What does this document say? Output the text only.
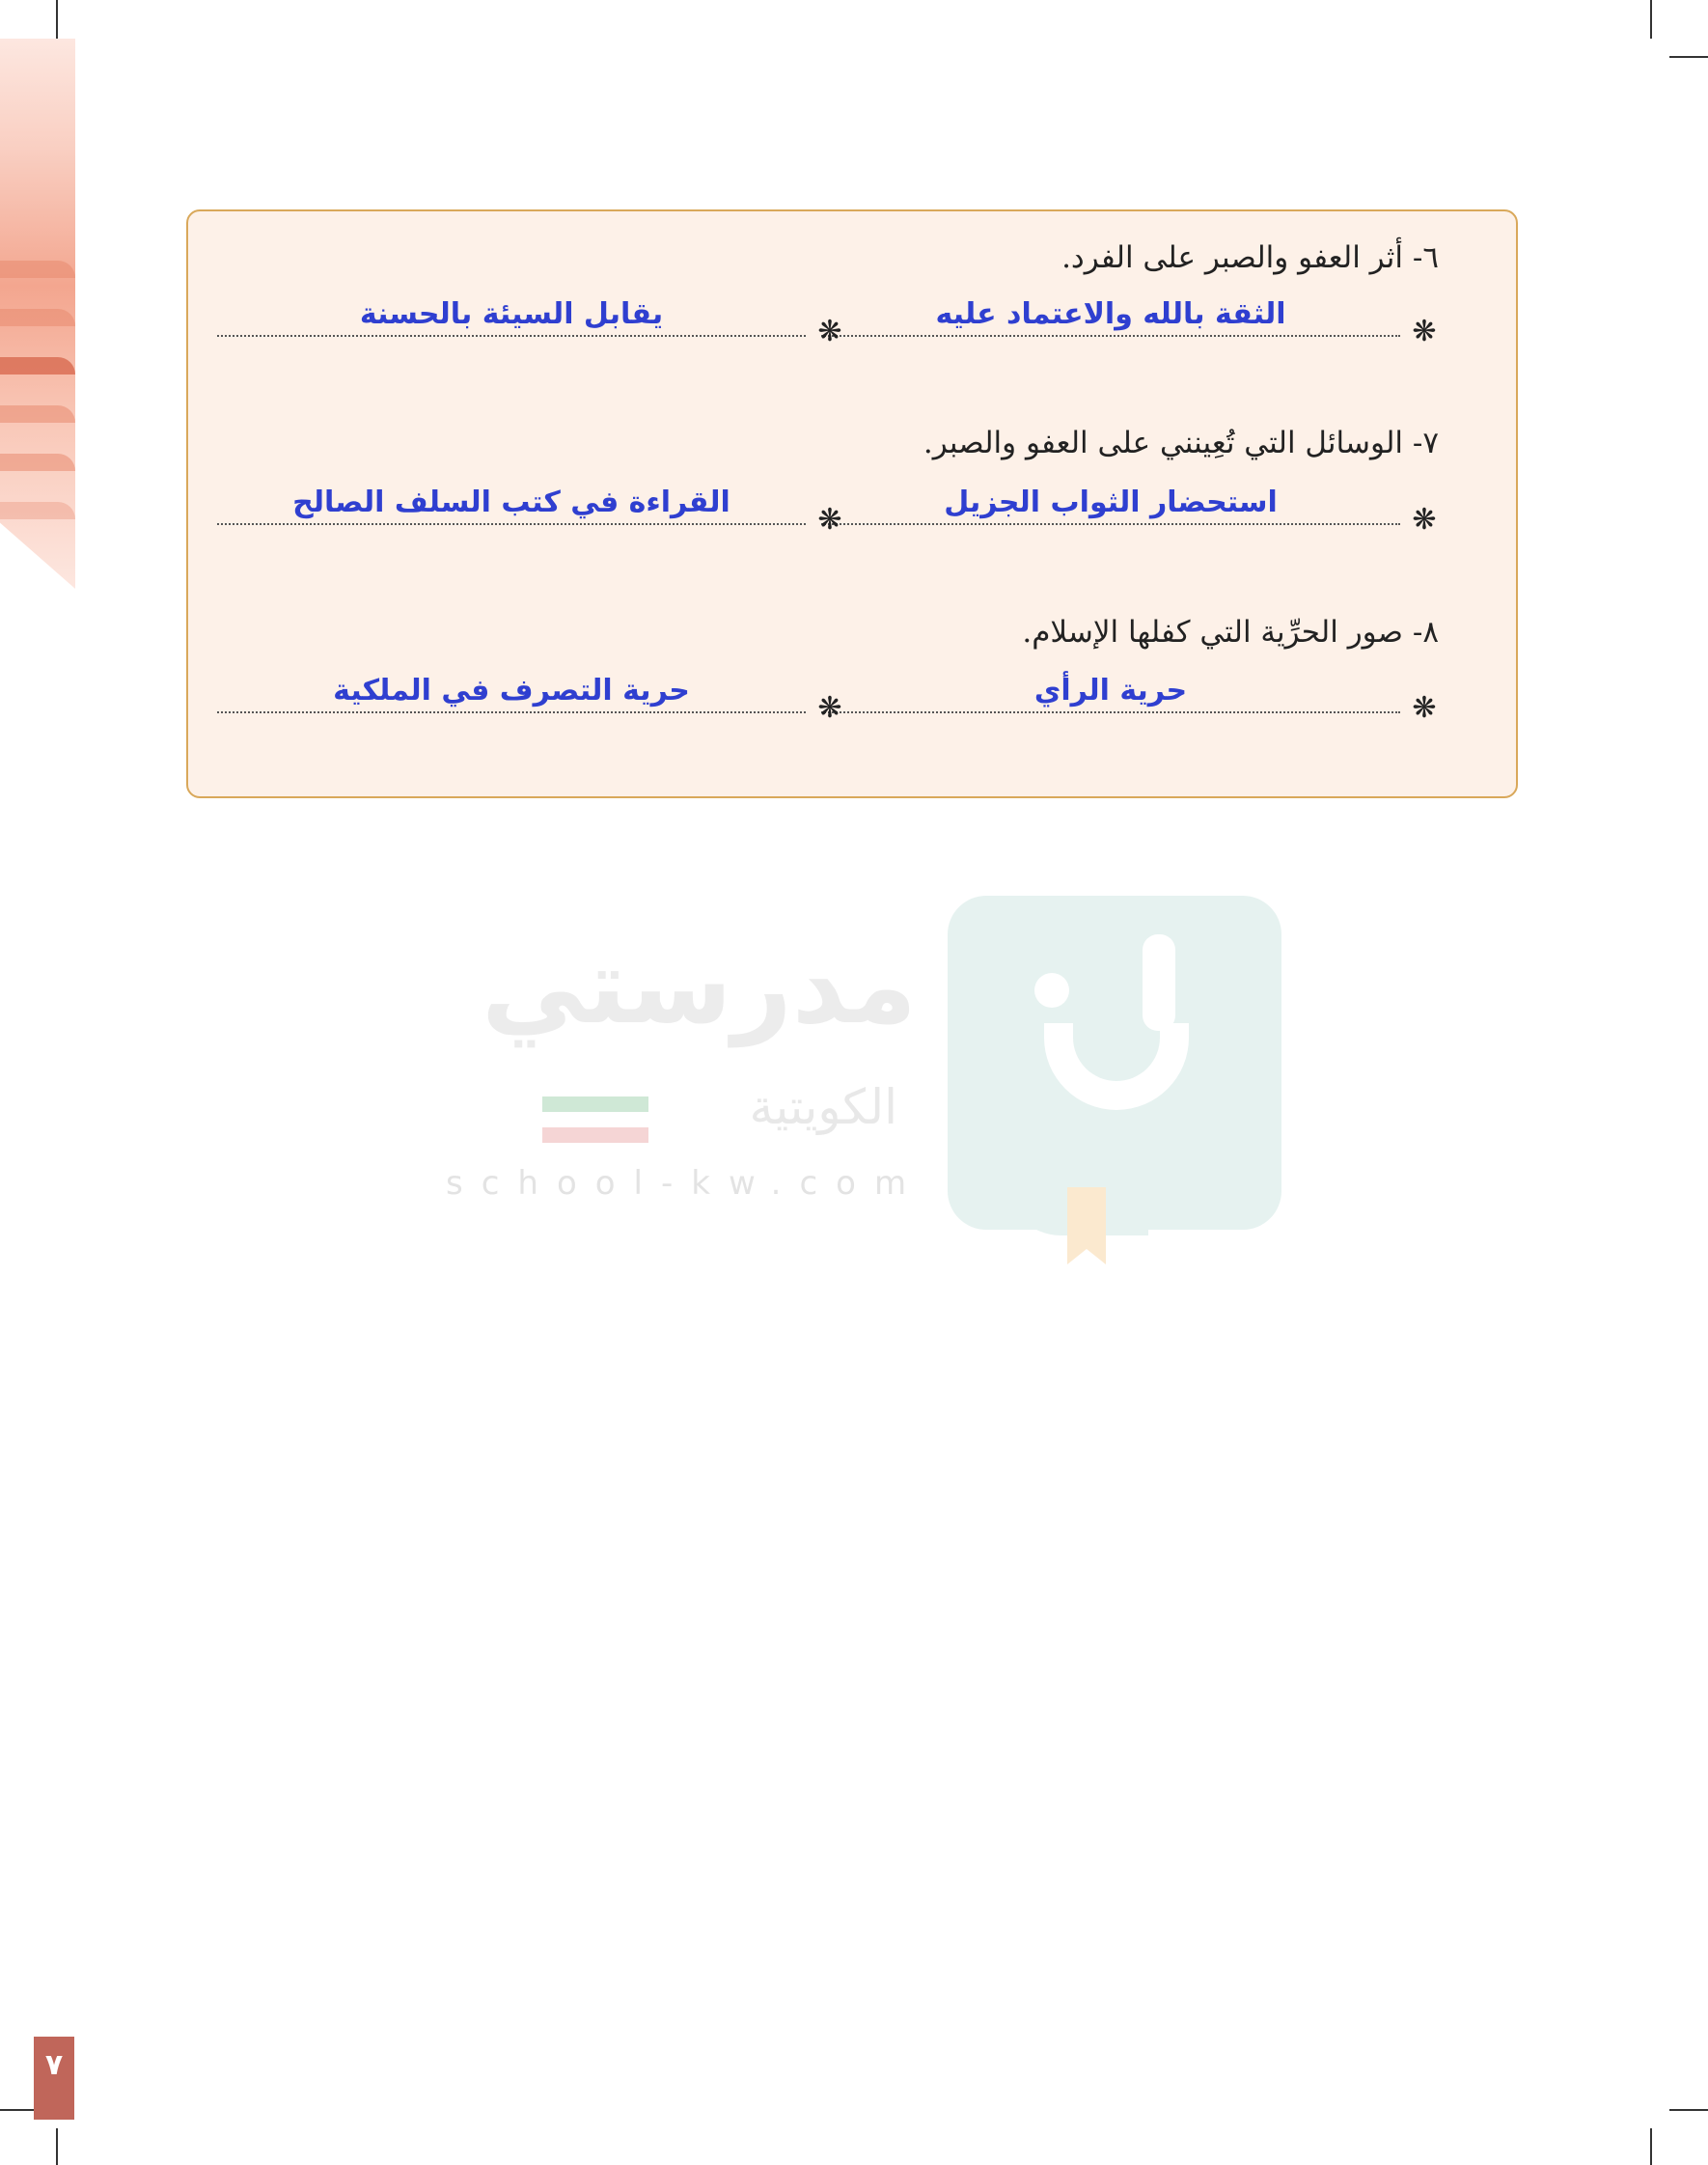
٦- أثر العفو والصبر على الفرد.
الثقة بالله والاعتماد عليه
❋
يقابل السيئة بالحسنة
❋
٧- الوسائل التي تُعِينني على العفو والصبر.
استحضار الثواب الجزيل
❋
القراءة في كتب السلف الصالح
❋
٨- صور الحرِّية التي كفلها الإسلام.
حرية الرأي
❋
حرية التصرف في الملكية
❋
مدرستي
الكويتية
school-kw.com
٧
